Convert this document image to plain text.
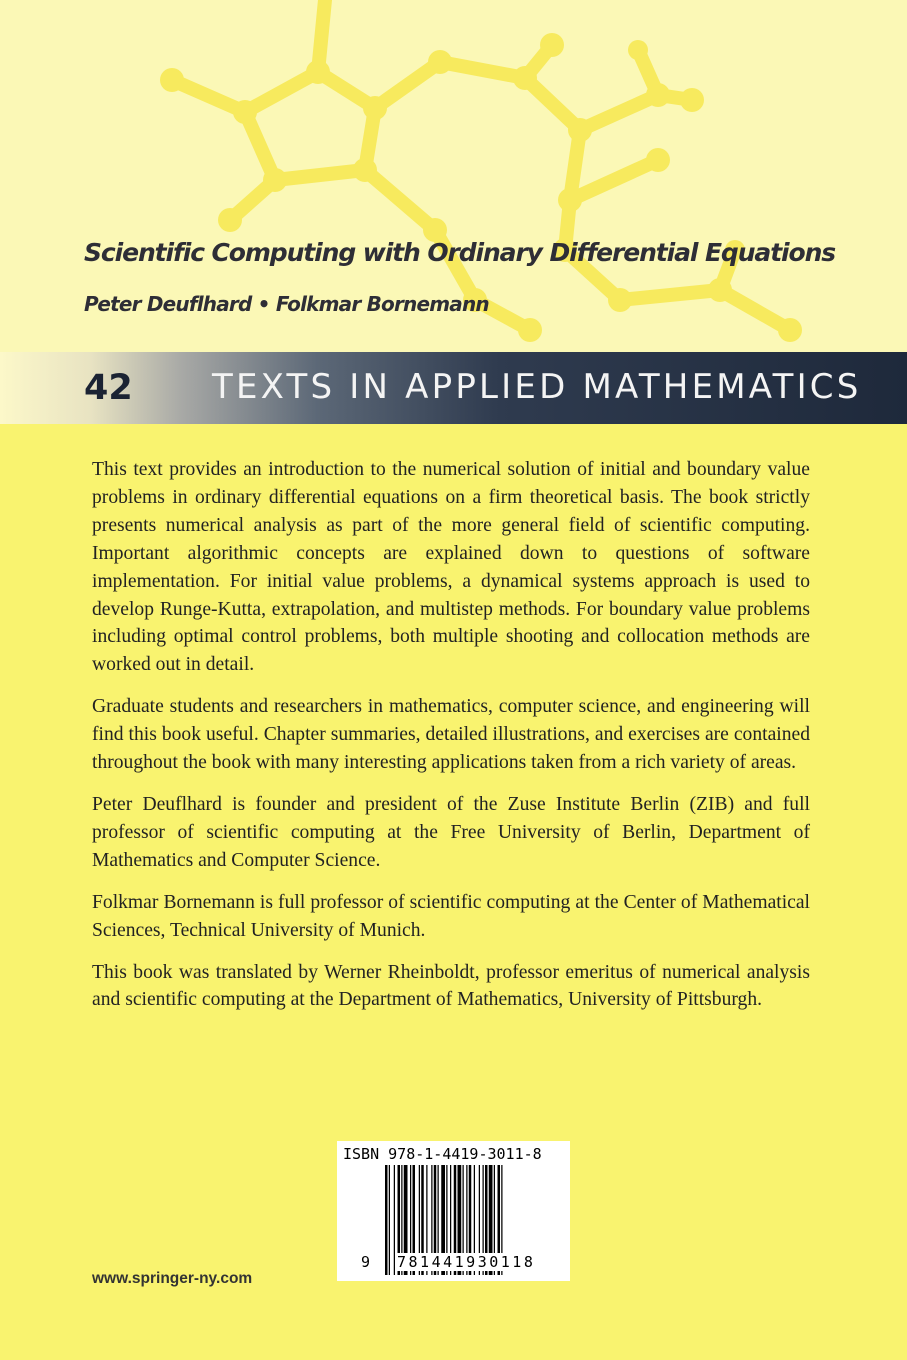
Scientific Computing with Ordinary Differential Equations
Peter Deuflhard • Folkmar Bornemann
42 TEXTS IN APPLIED MATHEMATICS

This text provides an introduction to the numerical solution of initial and boundary value problems in ordinary differential equations on a firm theoretical basis. The book strictly presents numerical analysis as part of the more general field of scientific computing. Important algorithmic concepts are explained down to questions of software implementation. For initial value problems, a dynamical systems approach is used to develop Runge-Kutta, extrapolation, and multistep methods. For boundary value problems including optimal control problems, both multiple shooting and collocation methods are worked out in detail.

Graduate students and researchers in mathematics, computer science, and engineering will find this book useful. Chapter summaries, detailed illustrations, and exercises are contained throughout the book with many interesting applications taken from a rich variety of areas.

Peter Deuflhard is founder and president of the Zuse Institute Berlin (ZIB) and full professor of scientific computing at the Free University of Berlin, Department of Mathematics and Computer Science.

Folkmar Bornemann is full professor of scientific computing at the Center of Mathematical Sciences, Technical University of Munich.

This book was translated by Werner Rheinboldt, professor emeritus of numerical analysis and scientific computing at the Department of Mathematics, University of Pittsburgh.

ISBN 978-1-4419-3011-8
9 781441930118
www.springer-ny.com
